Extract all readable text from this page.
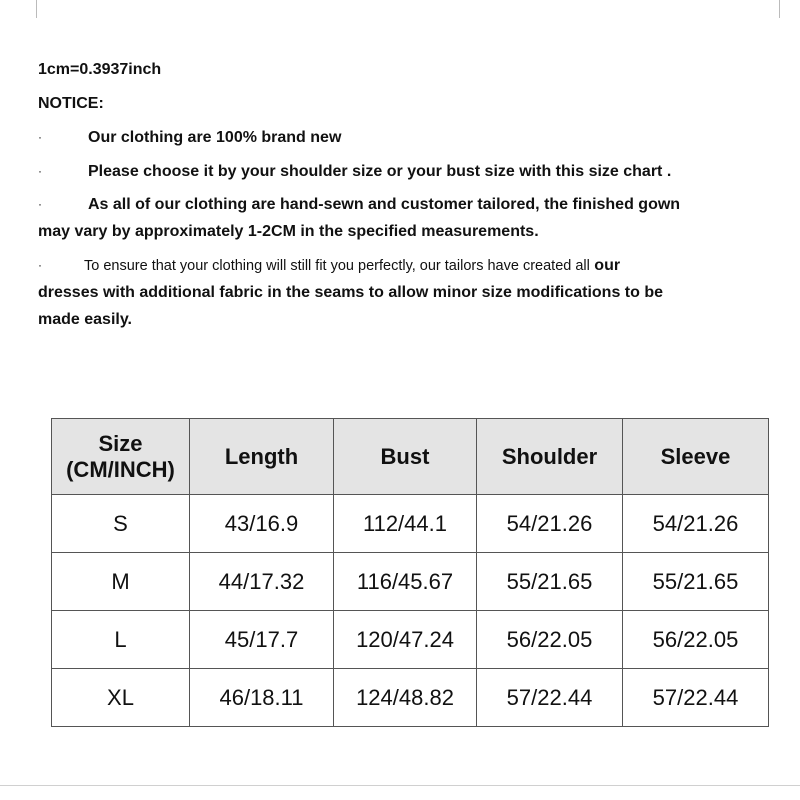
1cm=0.3937inch
NOTICE:
·	Our clothing are 100% brand new
·	Please choose it by your shoulder size or your bust size with this size chart .
·	As all of our clothing are hand-sewn and customer tailored, the finished gown
may vary by approximately 1-2CM in the specified measurements.
·	To ensure that your clothing will still fit you perfectly, our tailors have created all our
dresses with additional fabric in the seams to allow minor size modifications to be
made easily.
Size
(CM/INCH)	Length	Bust	Shoulder	Sleeve
S	43/16.9	112/44.1	54/21.26	54/21.26
M	44/17.32	116/45.67	55/21.65	55/21.65
L	45/17.7	120/47.24	56/22.05	56/22.05
XL	46/18.11	124/48.82	57/22.44	57/22.44
